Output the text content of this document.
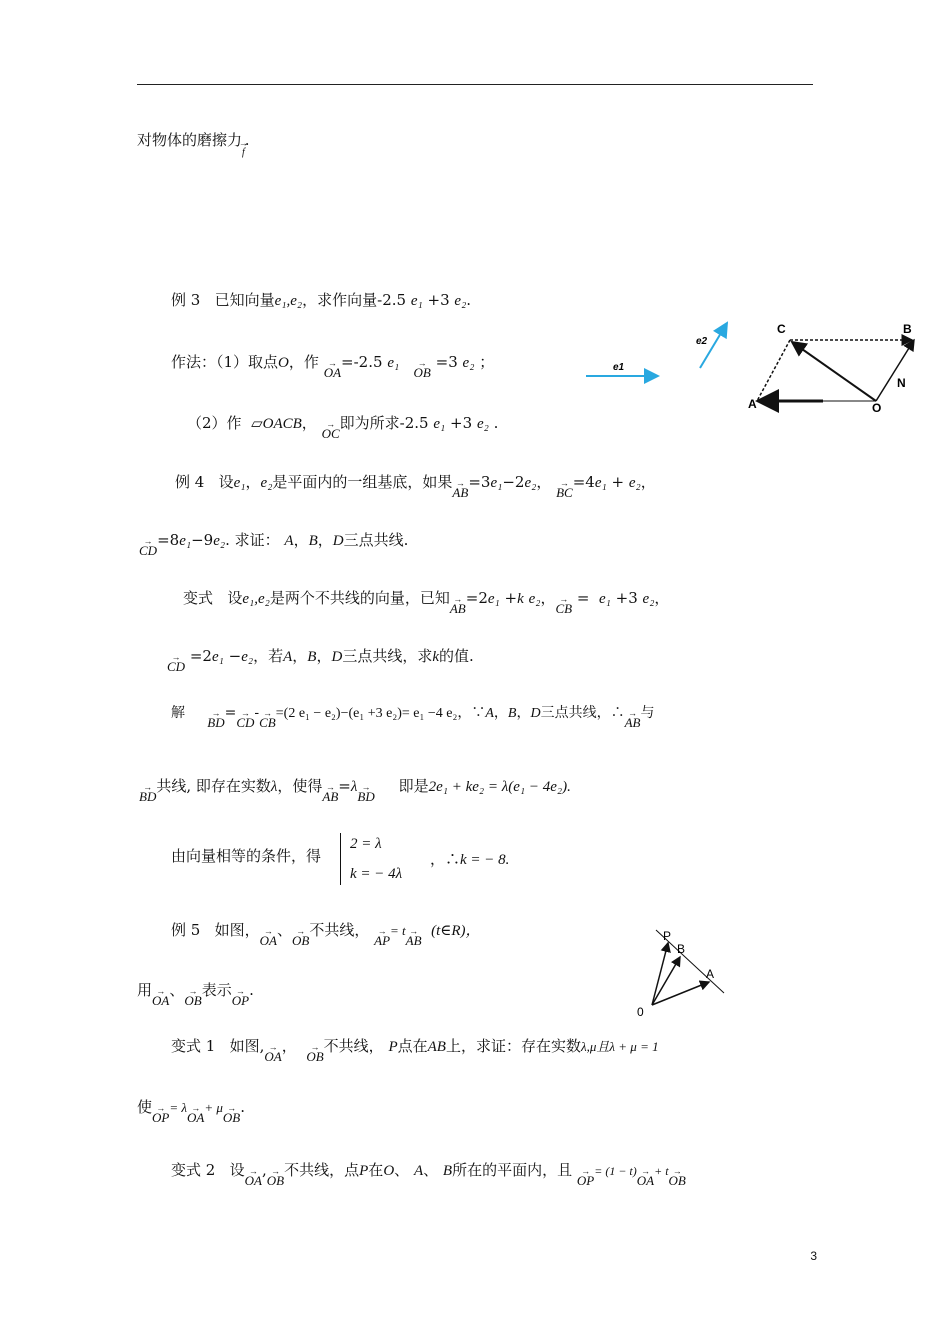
对物体的磨擦力→ f.
例 3 已知向量e₁,e₂，求作向量-2.5 e₁ +3 e₂.
作法：（1）取点O，作 → OA=-2.5 e₁   → OB =3 e₂ ；
（2）作 ▱OACB， → OC即为所求-2.5 e₁ +3 e₂ .
e1
e2
C	B
N
A	O
例 4 设e₁，e₂是平面内的一组基底，如果→ AB=3e₁−2e₂， → BC=4e₁ + e₂，
→ CD=8e₁−9e₂. 求证： A，B，D三点共线.
变式 设e₁,e₂是两个不共线的向量，已知→ AB=2e₁ +k e₂，→ CB = e₁ +3 e₂，
→ CD =2e₁ −e₂，若A，B，D三点共线，求k的值.
解     → BD=→ CD-→ CB=(2 e₁ − e₂)−(e₁ +3 e₂)= e₁ −4 e₂，∵A，B，D三点共线，∴→ AB与
→ BD共线, 即存在实数λ，使得→ AB=λ→ BD     即是2e₁ + ke₂ = λ(e₁ − 4e₂).
由向量相等的条件，得
2 = λ
k = − 4λ
，∴k = − 8.
例 5 如图，→ OA、→ OB不共线， → AP= t→ AB  (t∈R)，
用→ OA、→ OB表示→ OP.
P
B
A
0
变式 1 如图,→ OA，  → OB不共线， P点在AB上，求证：存在实数λ,μ且λ + μ = 1
使→ OP= λ→ OA+ μ→ OB.
变式 2 设→ OA,→ OB不共线，点P在O、 A、 B所在的平面内，且 → OP= (1 − t)→ OA+ t→ OB
3
